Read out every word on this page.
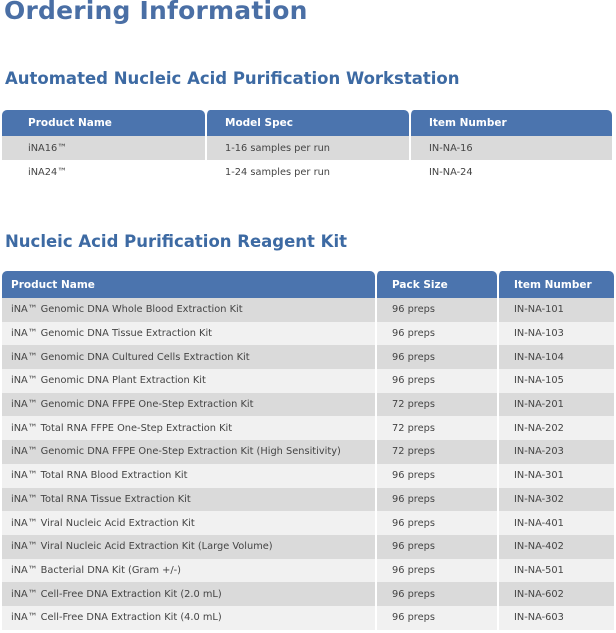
Ordering Information
Automated Nucleic Acid Purification Workstation
Product Name	Model Spec	Item Number
iNA16™	1-16 samples per run	IN-NA-16
iNA24™	1-24 samples per run	IN-NA-24
Nucleic Acid Purification Reagent Kit
Product Name	Pack Size	Item Number
iNA™ Genomic DNA Whole Blood Extraction Kit	96 preps	IN-NA-101
iNA™ Genomic DNA Tissue Extraction Kit	96 preps	IN-NA-103
iNA™ Genomic DNA Cultured Cells Extraction Kit	96 preps	IN-NA-104
iNA™ Genomic DNA Plant Extraction Kit	96 preps	IN-NA-105
iNA™ Genomic DNA FFPE One-Step Extraction Kit	72 preps	IN-NA-201
iNA™ Total RNA FFPE One-Step Extraction Kit	72 preps	IN-NA-202
iNA™ Genomic DNA FFPE One-Step Extraction Kit (High Sensitivity)	72 preps	IN-NA-203
iNA™ Total RNA Blood Extraction Kit	96 preps	IN-NA-301
iNA™ Total RNA Tissue Extraction Kit	96 preps	IN-NA-302
iNA™ Viral Nucleic Acid Extraction Kit	96 preps	IN-NA-401
iNA™ Viral Nucleic Acid Extraction Kit (Large Volume)	96 preps	IN-NA-402
iNA™ Bacterial DNA Kit (Gram +/-)	96 preps	IN-NA-501
iNA™ Cell-Free DNA Extraction Kit (2.0 mL)	96 preps	IN-NA-602
iNA™ Cell-Free DNA Extraction Kit (4.0 mL)	96 preps	IN-NA-603
